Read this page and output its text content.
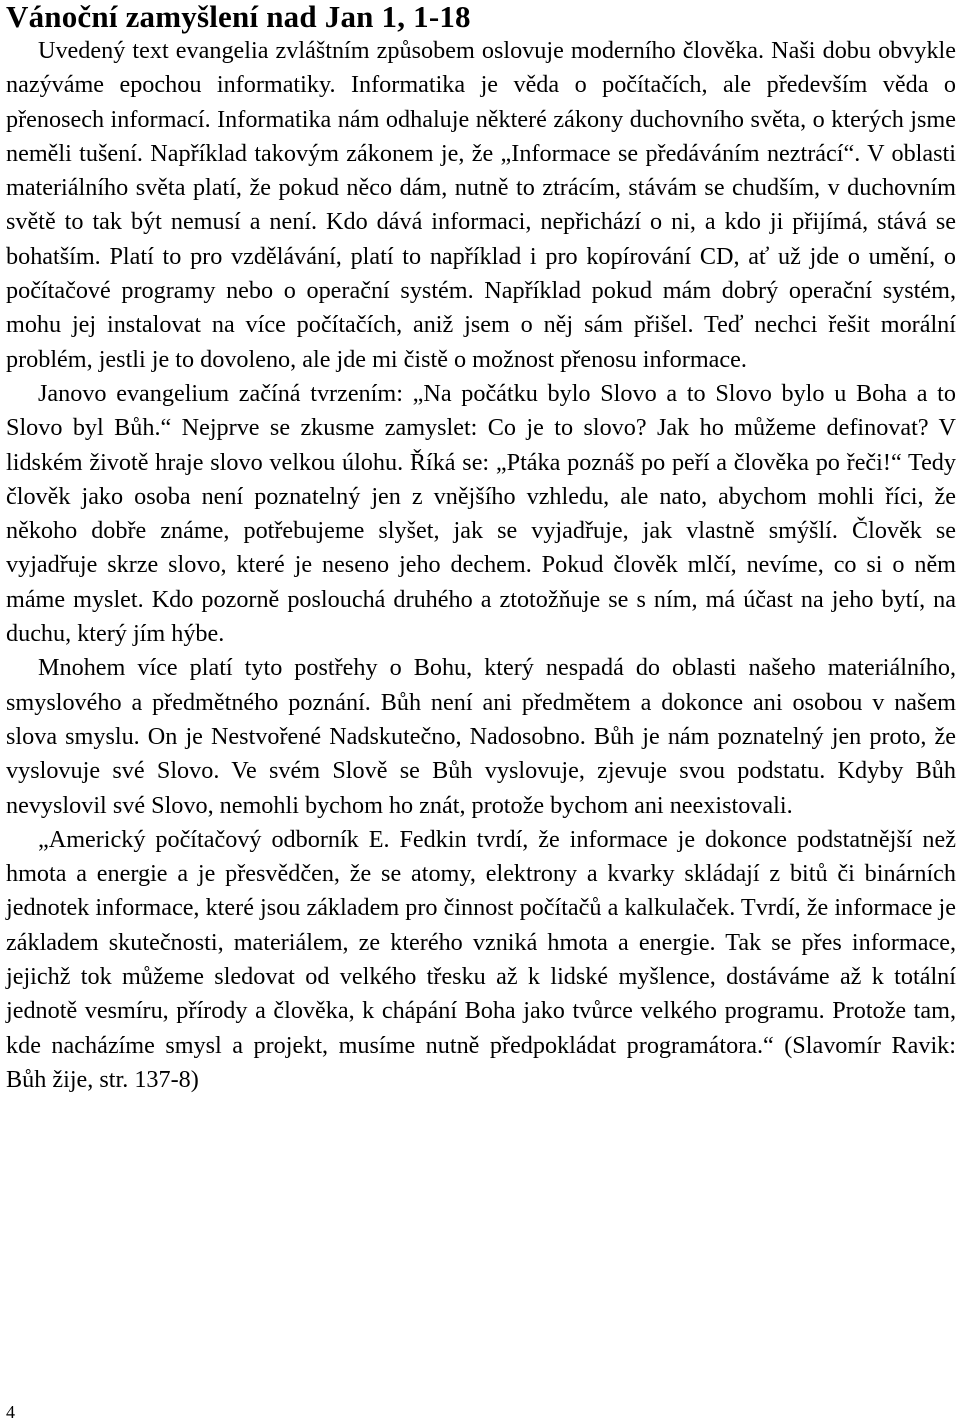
Vánoční zamyšlení nad Jan 1, 1-18

Uvedený text evangelia zvláštním způsobem oslovuje moderního člověka. Naši dobu obvykle nazýváme epochou informatiky. Informatika je věda o počítačích, ale především věda o přenosech informací. Informatika nám odhaluje některé zákony duchovního světa, o kterých jsme neměli tušení. Například takovým zákonem je, že „Informace se předáváním neztrácí“. V oblasti materiálního světa platí, že pokud něco dám, nutně to ztrácím, stávám se chudším, v duchovním světě to tak být nemusí a není. Kdo dává informaci, nepřichází o ni, a kdo ji přijímá, stává se bohatším. Platí to pro vzdělávání, platí to například i pro kopírování CD, ať už jde o umění, o počítačové programy nebo o operační systém. Například pokud mám dobrý operační systém, mohu jej instalovat na více počítačích, aniž jsem o něj sám přišel. Teď nechci řešit morální problém, jestli je to dovoleno, ale jde mi čistě o možnost přenosu informace.

Janovo evangelium začíná tvrzením: „Na počátku bylo Slovo a to Slovo bylo u Boha a to Slovo byl Bůh.“ Nejprve se zkusme zamyslet: Co je to slovo? Jak ho můžeme definovat? V lidském životě hraje slovo velkou úlohu. Říká se: „Ptáka poznáš po peří a člověka po řeči!“ Tedy člověk jako osoba není poznatelný jen z vnějšího vzhledu, ale nato, abychom mohli říci, že někoho dobře známe, potřebujeme slyšet, jak se vyjadřuje, jak vlastně smýšlí. Člověk se vyjadřuje skrze slovo, které je neseno jeho dechem. Pokud člověk mlčí, nevíme, co si o něm máme myslet. Kdo pozorně poslouchá druhého a ztotožňuje se s ním, má účast na jeho bytí, na duchu, který jím hýbe.

Mnohem více platí tyto postřehy o Bohu, který nespadá do oblasti našeho materiálního, smyslového a předmětného poznání. Bůh není ani předmětem a dokonce ani osobou v našem slova smyslu. On je Nestvořené Nadskutečno, Nadosobno. Bůh je nám poznatelný jen proto, že vyslovuje své Slovo. Ve svém Slově se Bůh vyslovuje, zjevuje svou podstatu. Kdyby Bůh nevyslovil své Slovo, nemohli bychom ho znát, protože bychom ani neexistovali.

„Americký počítačový odborník E. Fedkin tvrdí, že informace je dokonce podstatnější než hmota a energie a je přesvědčen, že se atomy, elektrony a kvarky skládají z bitů či binárních jednotek informace, které jsou základem pro činnost počítačů a kalkulaček. Tvrdí, že informace je základem skutečnosti, materiálem, ze kterého vzniká hmota a energie. Tak se přes informace, jejichž tok můžeme sledovat od velkého třesku až k lidské myšlence, dostáváme až k totální jednotě vesmíru, přírody a člověka, k chápání Boha jako tvůrce velkého programu. Protože tam, kde nacházíme smysl a projekt, musíme nutně předpokládat programátora.“ (Slavomír Ravik: Bůh žije, str. 137-8)

4
